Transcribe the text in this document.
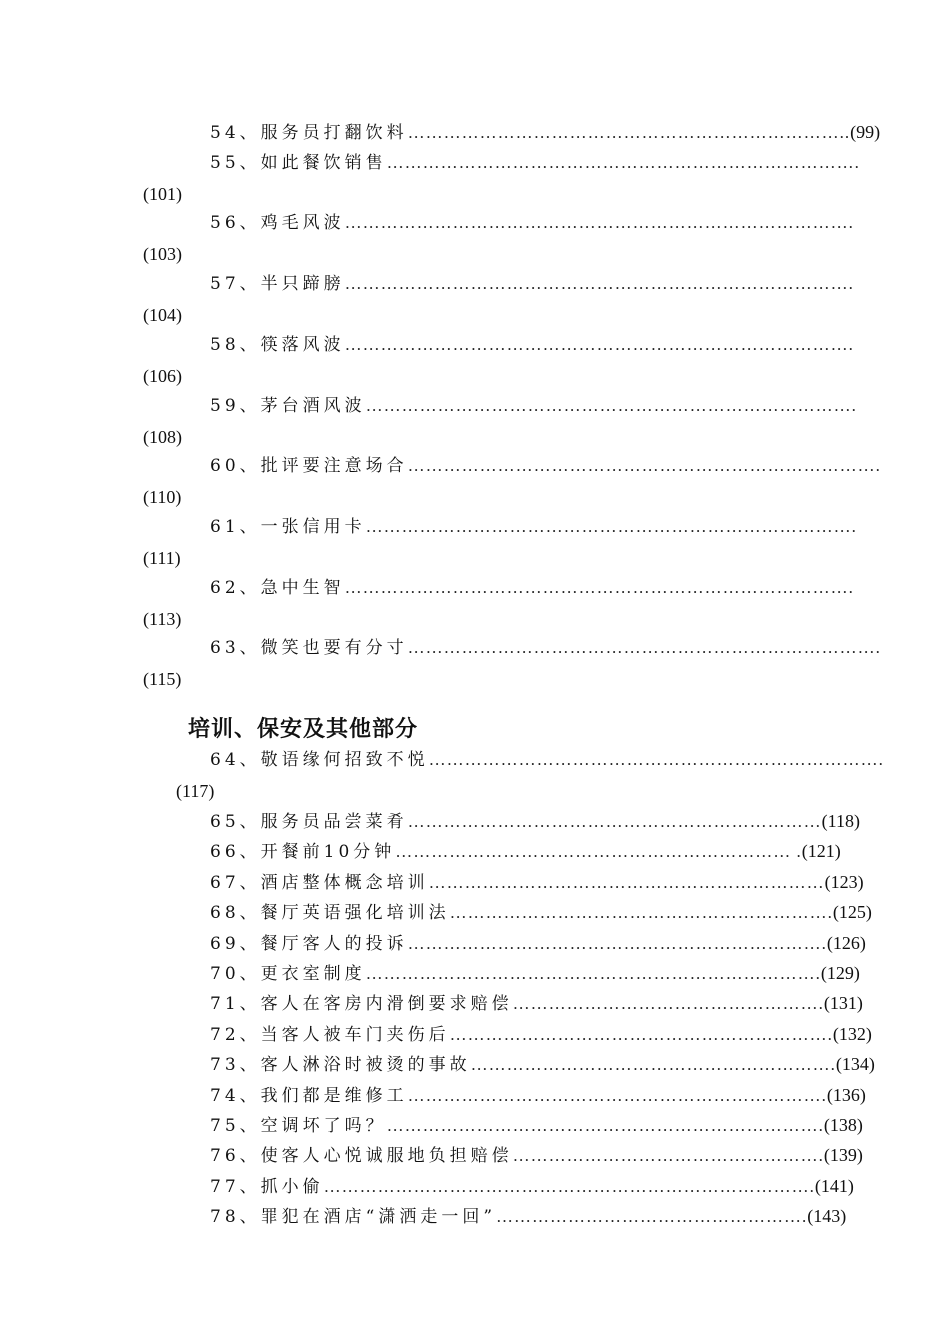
54、服务员打翻饮料………………………………………………………………..(99)
55、如此餐饮销售…………………………………………………………………….
(101)
56、鸡毛风波………………………………………………………………………….
(103)
57、半只蹄膀………………………………………………………………………….
(104)
58、筷落风波………………………………………………………………………….
(106)
59、茅台酒风波……………………………………………………………………….
(108)
60、批评要注意场合…………………………………………………………………….
(110)
61、一张信用卡……………………………………………………………………….
(111)
62、急中生智………………………………………………………………………….
(113)
63、微笑也要有分寸…………………………………………………………………….
(115)
64、敬语缘何招致不悦………………………………………………………………….
(117)
65、服务员品尝菜肴……………………………………………………………(118)
66、开餐前10分钟………………………………………………………… .(121)
67、酒店整体概念培训…………………………………………………………(123)
68、餐厅英语强化培训法……………………………………………………….(125)
69、餐厅客人的投诉…………………………………………………………….(126)
70、更衣室制度………………………………………………………………….(129)
71、客人在客房内滑倒要求赔偿…………………………………………….(131)
72、当客人被车门夹伤后……………………………………………………….(132)
73、客人淋浴时被烫的事故…………………………………………………….(134)
74、我们都是维修工…………………………………………………………….(136)
75、空调坏了吗？……………………………………………………………….(138)
76、使客人心悦诚服地负担赔偿…………………………………………….(139)
77、抓小偷……………………………………………………………………….(141)
78、罪犯在酒店“潇洒走一回”…………………………………………….(143)
培训、保安及其他部分
